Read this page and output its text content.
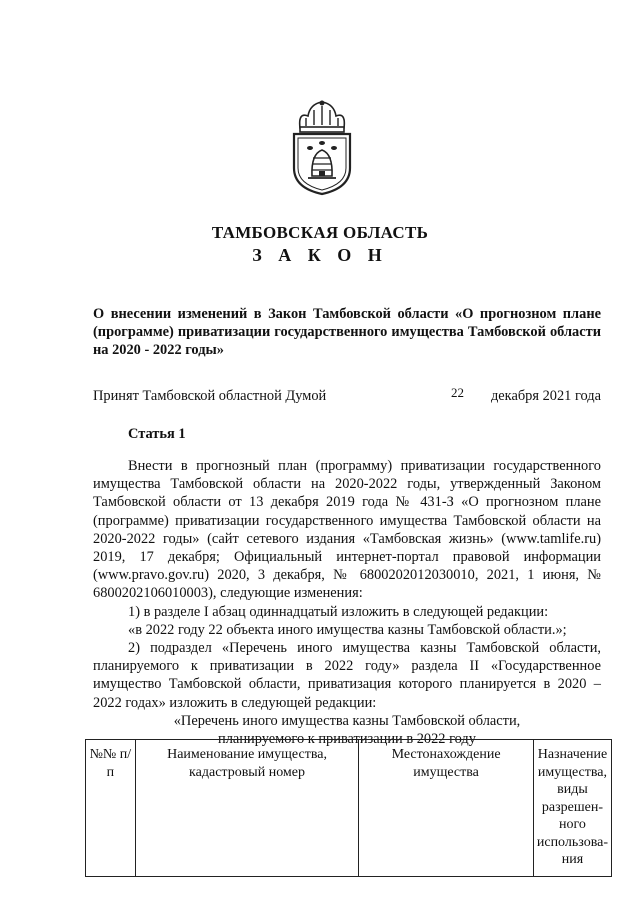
ТАМБОВСКАЯ ОБЛАСТЬ
З А К О Н
О внесении изменений в Закон Тамбовской области «О прогнозном плане (программе) приватизации государственного имущества Тамбовской области на 2020 - 2022 годы»
Принят Тамбовской областной Думой	22 декабря 2021 года
Статья 1

Внести в прогнозный план (программу) приватизации государственного имущества Тамбовской области на 2020-2022 годы, утвержденный Законом Тамбовской области от 13 декабря 2019 года № 431-З «О прогнозном плане (программе) приватизации государственного имущества Тамбовской области на 2020-2022 годы» (сайт сетевого издания «Тамбовская жизнь» (www.tamlife.ru) 2019, 17 декабря; Официальный интернет-портал правовой информации (www.pravo.gov.ru) 2020, 3 декабря, № 6800202012030010, 2021, 1 июня, № 6800202106010003), следующие изменения:

1) в разделе I абзац одиннадцатый изложить в следующей редакции:

«в 2022 году 22 объекта иного имущества казны Тамбовской области.»;

2) подраздел «Перечень иного имущества казны Тамбовской области, планируемого к приватизации в 2022 году» раздела II «Государственное имущество Тамбовской области, приватизация которого планируется в 2020 – 2022 годах» изложить в следующей редакции:

«Перечень иного имущества казны Тамбовской области,

планируемого к приватизации в 2022 году

№№ п/п	Наименование имущества, кадастровый номер	Местонахождение имущества	Назначение имущества, виды разрешен-ного использова-ния
